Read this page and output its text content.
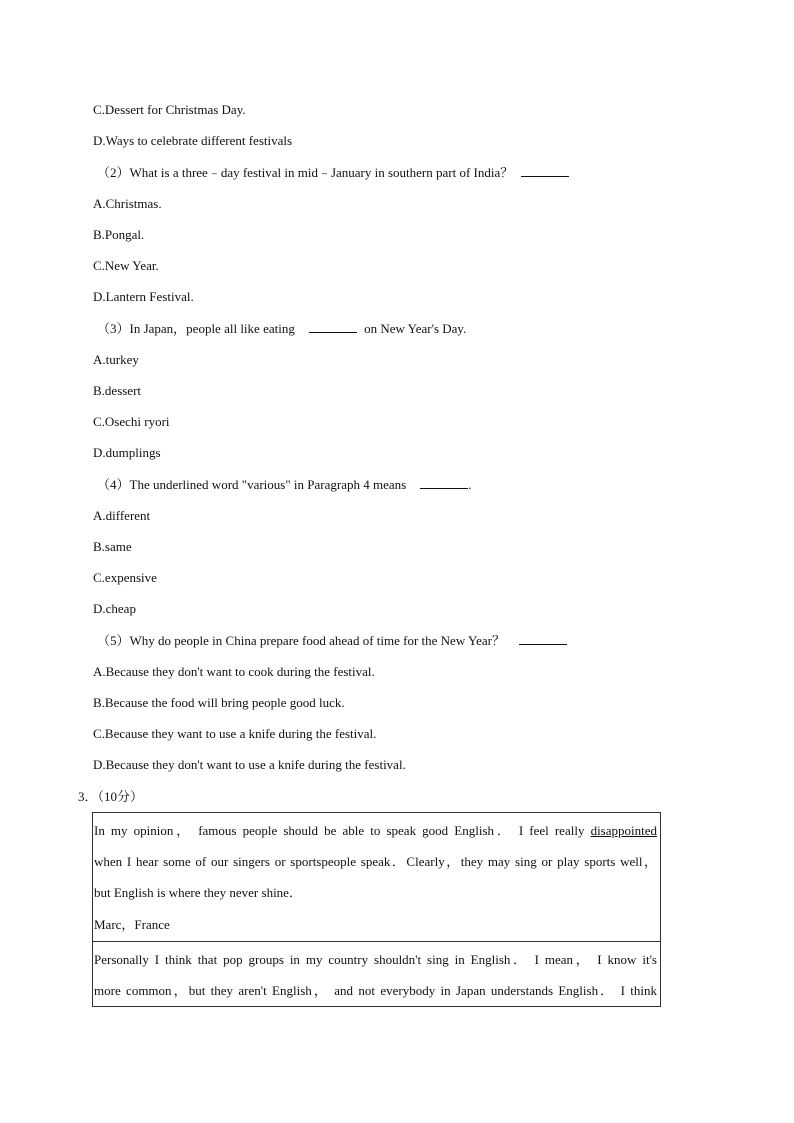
C.Dessert for Christmas Day.
D.Ways to celebrate different festivals
（2）What is a three﹣day festival in mid﹣January in southern part of India？
A.Christmas.
B.Pongal.
C.New Year.
D.Lantern Festival.
（3）In Japan，people all like eating	on New Year's Day.
A.turkey
B.dessert
C.Osechi ryori
D.dumplings
（4）The underlined word "various" in Paragraph 4 means	.
A.different
B.same
C.expensive
D.cheap
（5）Why do people in China prepare food ahead of time for the New Year？
A.Because they don't want to cook during the festival.
B.Because the food will bring people good luck.
C.Because they want to use a knife during the festival.
D.Because they don't want to use a knife during the festival.
3．（10分）

In my opinion， famous people should be able to speak good English． I feel really disappointed

when I hear some of our singers or sportspeople speak．Clearly，they may sing or play sports well，

but English is where they never shine．

Marc，France

Personally I think that pop groups in my country shouldn't sing in English． I mean， I know it's

more common，but they aren't English， and not everybody in Japan understands English． I think
